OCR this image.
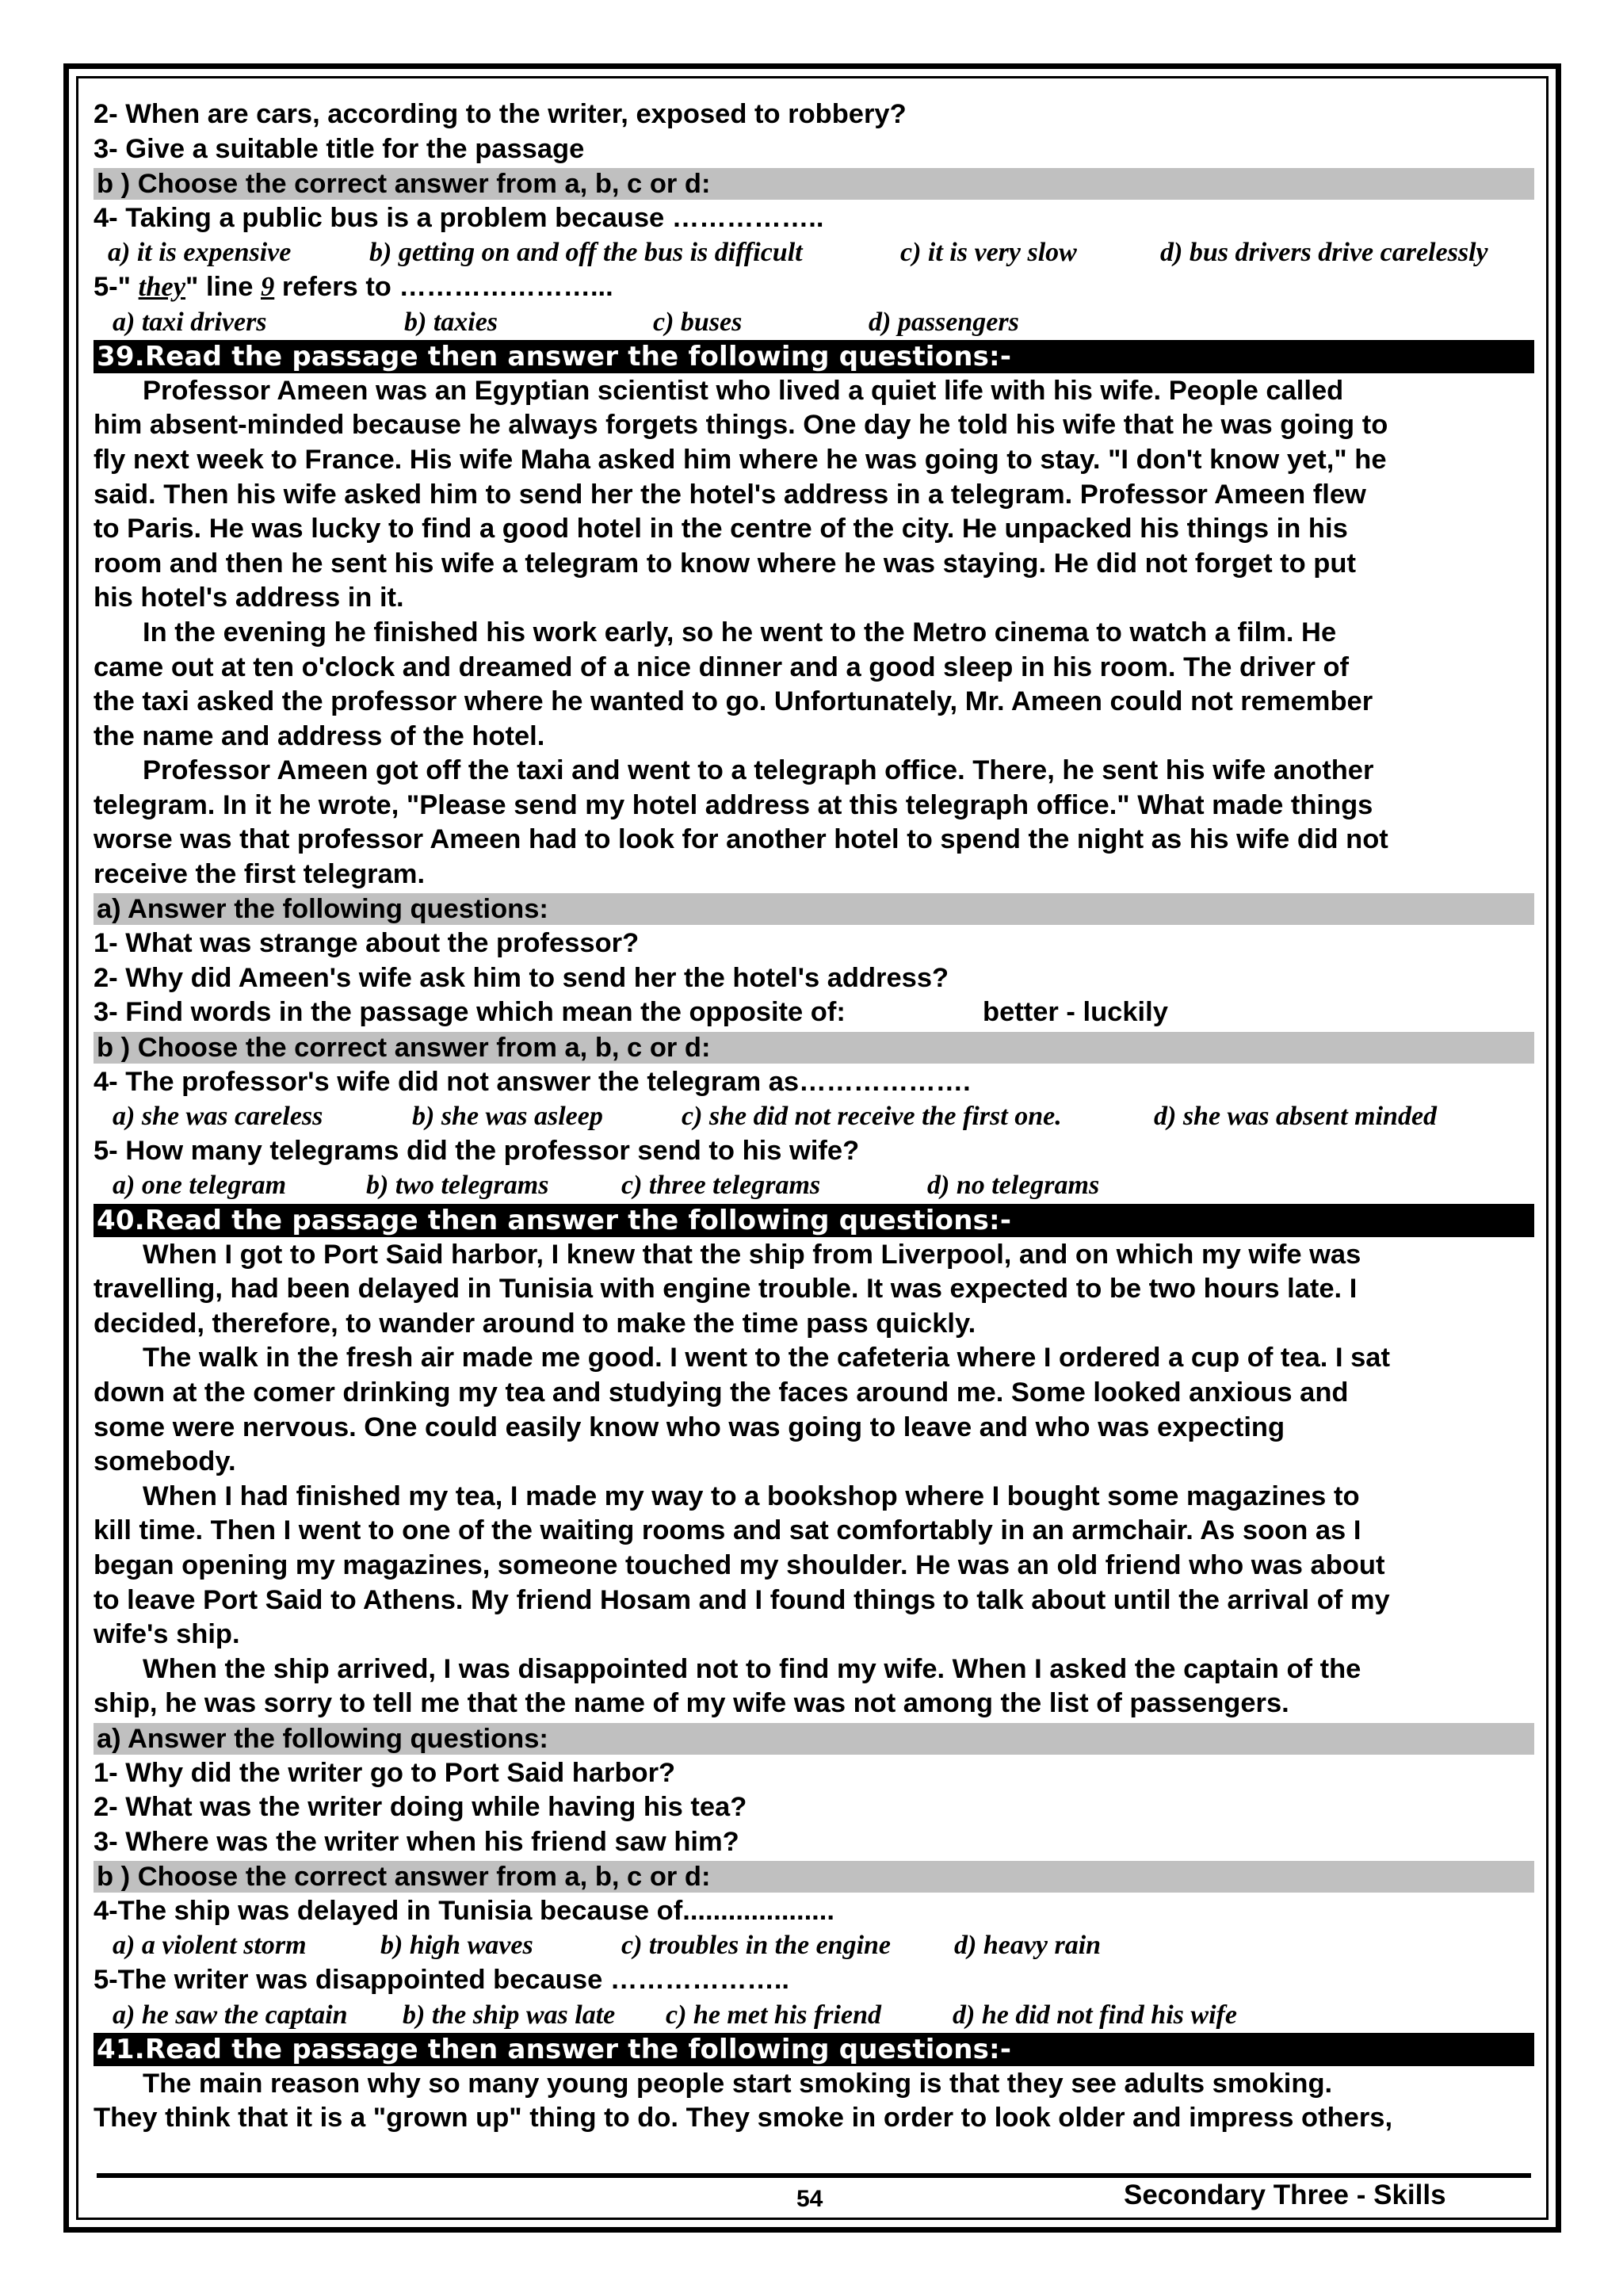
2- When are cars, according to the writer, exposed to robbery?
3- Give a suitable title for the passage
b ) Choose the correct answer from a, b, c or d:
4- Taking a public bus is a problem because ……………..
a) it is expensive	b) getting on and off the bus is difficult	c) it is very slow	d) bus drivers drive carelessly
5-" they" line 9 refers to …………………...
a) taxi drivers	b) taxies	c) buses	d) passengers
39.Read the passage then answer the following questions:-
Professor Ameen was an Egyptian scientist who lived a quiet life with his wife. People called
him absent-minded because he always forgets things. One day he told his wife that he was going to
fly next week to France. His wife Maha asked him where he was going to stay. "I don't know yet," he
said. Then his wife asked him to send her the hotel's address in a telegram. Professor Ameen flew
to Paris. He was lucky to find a good hotel in the centre of the city. He unpacked his things in his
room and then he sent his wife a telegram to know where he was staying. He did not forget to put
his hotel's address in it.
In the evening he finished his work early, so he went to the Metro cinema to watch a film. He
came out at ten o'clock and dreamed of a nice dinner and a good sleep in his room. The driver of
the taxi asked the professor where he wanted to go. Unfortunately, Mr. Ameen could not remember
the name and address of the hotel.
Professor Ameen got off the taxi and went to a telegraph office. There, he sent his wife another
telegram. In it he wrote, "Please send my hotel address at this telegraph office." What made things
worse was that professor Ameen had to look for another hotel to spend the night as his wife did not
receive the first telegram.
a) Answer the following questions:
1- What was strange about the professor?
2- Why did Ameen's wife ask him to send her the hotel's address?
3- Find words in the passage which mean the opposite of:	better - luckily
b ) Choose the correct answer from a, b, c or d:
4- The professor's wife did not answer the telegram as……………….
a) she was careless	b) she was asleep	c) she did not receive the first one.	d) she was absent minded
5- How many telegrams did the professor send to his wife?
a) one telegram	b) two telegrams	c) three telegrams	d) no telegrams
40.Read the passage then answer the following questions:-
When I got to Port Said harbor, I knew that the ship from Liverpool, and on which my wife was
travelling, had been delayed in Tunisia with engine trouble. It was expected to be two hours late. I
decided, therefore, to wander around to make the time pass quickly.
The walk in the fresh air made me good. I went to the cafeteria where I ordered a cup of tea. I sat
down at the comer drinking my tea and studying the faces around me. Some looked anxious and
some were nervous. One could easily know who was going to leave and who was expecting
somebody.
When I had finished my tea, I made my way to a bookshop where I bought some magazines to
kill time. Then I went to one of the waiting rooms and sat comfortably in an armchair. As soon as I
began opening my magazines, someone touched my shoulder. He was an old friend who was about
to leave Port Said to Athens. My friend Hosam and I found things to talk about until the arrival of my
wife's ship.
When the ship arrived, I was disappointed not to find my wife. When I asked the captain of the
ship, he was sorry to tell me that the name of my wife was not among the list of passengers.
a) Answer the following questions:
1- Why did the writer go to Port Said harbor?
2- What was the writer doing while having his tea?
3- Where was the writer when his friend saw him?
b ) Choose the correct answer from a, b, c or d:
4-The ship was delayed in Tunisia because of....................
a) a violent storm	b) high waves	c) troubles in the engine d) heavy rain
5-The writer was disappointed because ………………..
a) he saw the captain b) the ship was late c) he met his friend	d) he did not find his wife
41.Read the passage then answer the following questions:-
The main reason why so many young people start smoking is that they see adults smoking.
They think that it is a "grown up" thing to do. They smoke in order to look older and impress others,
54	Secondary Three - Skills
